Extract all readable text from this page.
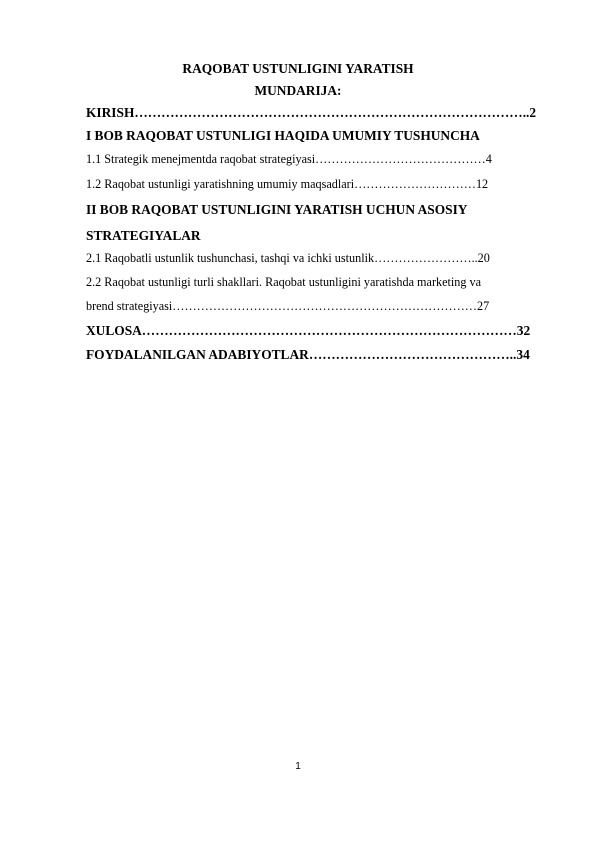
RAQOBAT USTUNLIGINI YARATISH
MUNDARIJA:
KIRISH……………………………………………………………………………..2
I BOB RAQOBAT USTUNLIGI HAQIDA UMUMIY TUSHUNCHA
1.1 Strategik menejmentda raqobat strategiyasi……………………………………4
1.2 Raqobat ustunligi yaratishning umumiy maqsadlari…………………………12
II BOB RAQOBAT USTUNLIGINI YARATISH UCHUN ASOSIY
STRATEGIYALAR
2.1 Raqobatli ustunlik tushunchasi, tashqi va ichki ustunlik……………………..20
2.2 Raqobat ustunligi turli shakllari. Raqobat ustunligini yaratishda marketing va
brend strategiyasi…………………………………………………………………27
XULOSA…………………………………………………………………………32
FOYDALANILGAN ADABIYOTLAR………………………………………..34
1
